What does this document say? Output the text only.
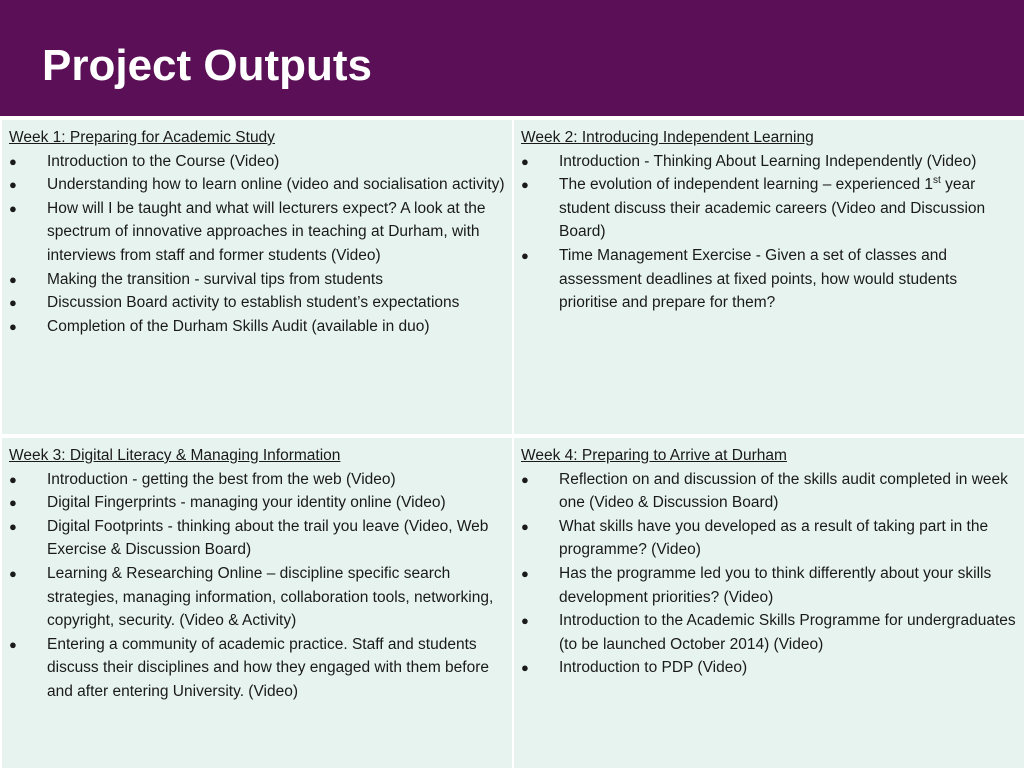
Project Outputs
Week 1: Preparing for Academic Study
● Introduction to the Course (Video)
● Understanding how to learn online (video and socialisation activity)
● How will I be taught and what will lecturers expect? A look at the spectrum of innovative approaches in teaching at Durham, with interviews from staff and former students (Video)
● Making the transition - survival tips from students
● Discussion Board activity to establish student’s expectations
● Completion of the Durham Skills Audit (available in duo)
Week 2: Introducing Independent Learning
● Introduction - Thinking About Learning Independently (Video)
● The evolution of independent learning – experienced 1st year student discuss their academic careers (Video and Discussion Board)
● Time Management Exercise - Given a set of classes and assessment deadlines at fixed points, how would students prioritise and prepare for them?
Week 3: Digital Literacy & Managing Information
● Introduction - getting the best from the web (Video)
● Digital Fingerprints - managing your identity online (Video)
● Digital Footprints - thinking about the trail you leave (Video, Web Exercise & Discussion Board)
● Learning & Researching Online – discipline specific search strategies, managing information, collaboration tools, networking, copyright, security. (Video & Activity)
● Entering a community of academic practice. Staff and students discuss their disciplines and how they engaged with them before and after entering University. (Video)
Week 4: Preparing to Arrive at Durham
● Reflection on and discussion of the skills audit completed in week one (Video & Discussion Board)
● What skills have you developed as a result of taking part in the programme? (Video)
● Has the programme led you to think differently about your skills development priorities? (Video)
● Introduction to the Academic Skills Programme for undergraduates (to be launched October 2014) (Video)
● Introduction to PDP (Video)
